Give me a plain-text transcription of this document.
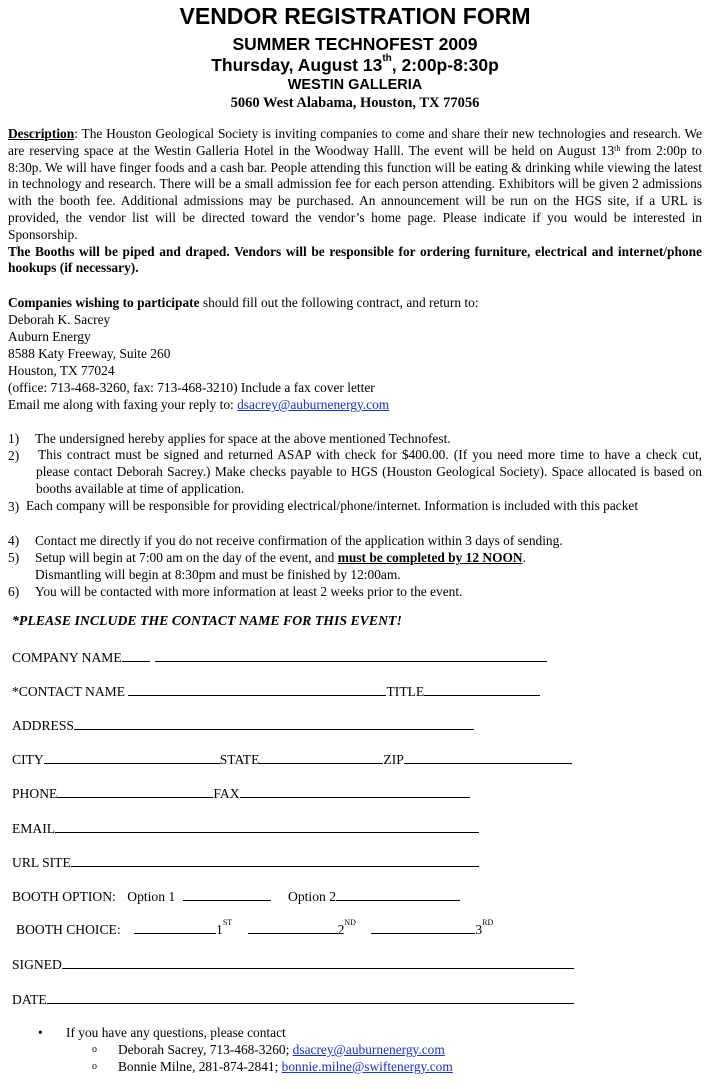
VENDOR REGISTRATION FORM
SUMMER TECHNOFEST 2009
Thursday, August 13th, 2:00p-8:30p
WESTIN GALLERIA
5060 West Alabama, Houston, TX 77056
Description: The Houston Geological Society is inviting companies to come and share their new technologies and research. We are reserving space at the Westin Galleria Hotel in the Woodway Halll. The event will be held on August 13th from 2:00p to 8:30p. We will have finger foods and a cash bar. People attending this function will be eating & drinking while viewing the latest in technology and research. There will be a small admission fee for each person attending. Exhibitors will be given 2 admissions with the booth fee. Additional admissions may be purchased. An announcement will be run on the HGS site, if a URL is provided, the vendor list will be directed toward the vendor’s home page. Please indicate if you would be interested in Sponsorship.
The Booths will be piped and draped. Vendors will be responsible for ordering furniture, electrical and internet/phone hookups (if necessary).
Companies wishing to participate should fill out the following contract, and return to:
Deborah K. Sacrey
Auburn Energy
8588 Katy Freeway, Suite 260
Houston, TX 77024
(office: 713-468-3260, fax: 713-468-3210) Include a fax cover letter
Email me along with faxing your reply to: dsacrey@auburnenergy.com
1) The undersigned hereby applies for space at the above mentioned Technofest.
2) This contract must be signed and returned ASAP with check for $400.00. (If you need more time to have a check cut, please contact Deborah Sacrey.) Make checks payable to HGS (Houston Geological Society). Space allocated is based on booths available at time of application.
3) Each company will be responsible for providing electrical/phone/internet. Information is included with this packet
4) Contact me directly if you do not receive confirmation of the application within 3 days of sending.
5) Setup will begin at 7:00 am on the day of the event, and must be completed by 12 NOON.
Dismantling will begin at 8:30pm and must be finished by 12:00am.
6) You will be contacted with more information at least 2 weeks prior to the event.
*PLEASE INCLUDE THE CONTACT NAME FOR THIS EVENT!
COMPANY NAME
*CONTACT NAME	TITLE
ADDRESS
CITY	STATE	ZIP
PHONE	FAX
EMAIL
URL SITE
BOOTH OPTION: Option 1	Option 2
BOOTH CHOICE:	1ST	2ND	3RD
SIGNED
DATE
• If you have any questions, please contact
o Deborah Sacrey, 713-468-3260; dsacrey@auburnenergy.com
o Bonnie Milne, 281-874-2841; bonnie.milne@swiftenergy.com
